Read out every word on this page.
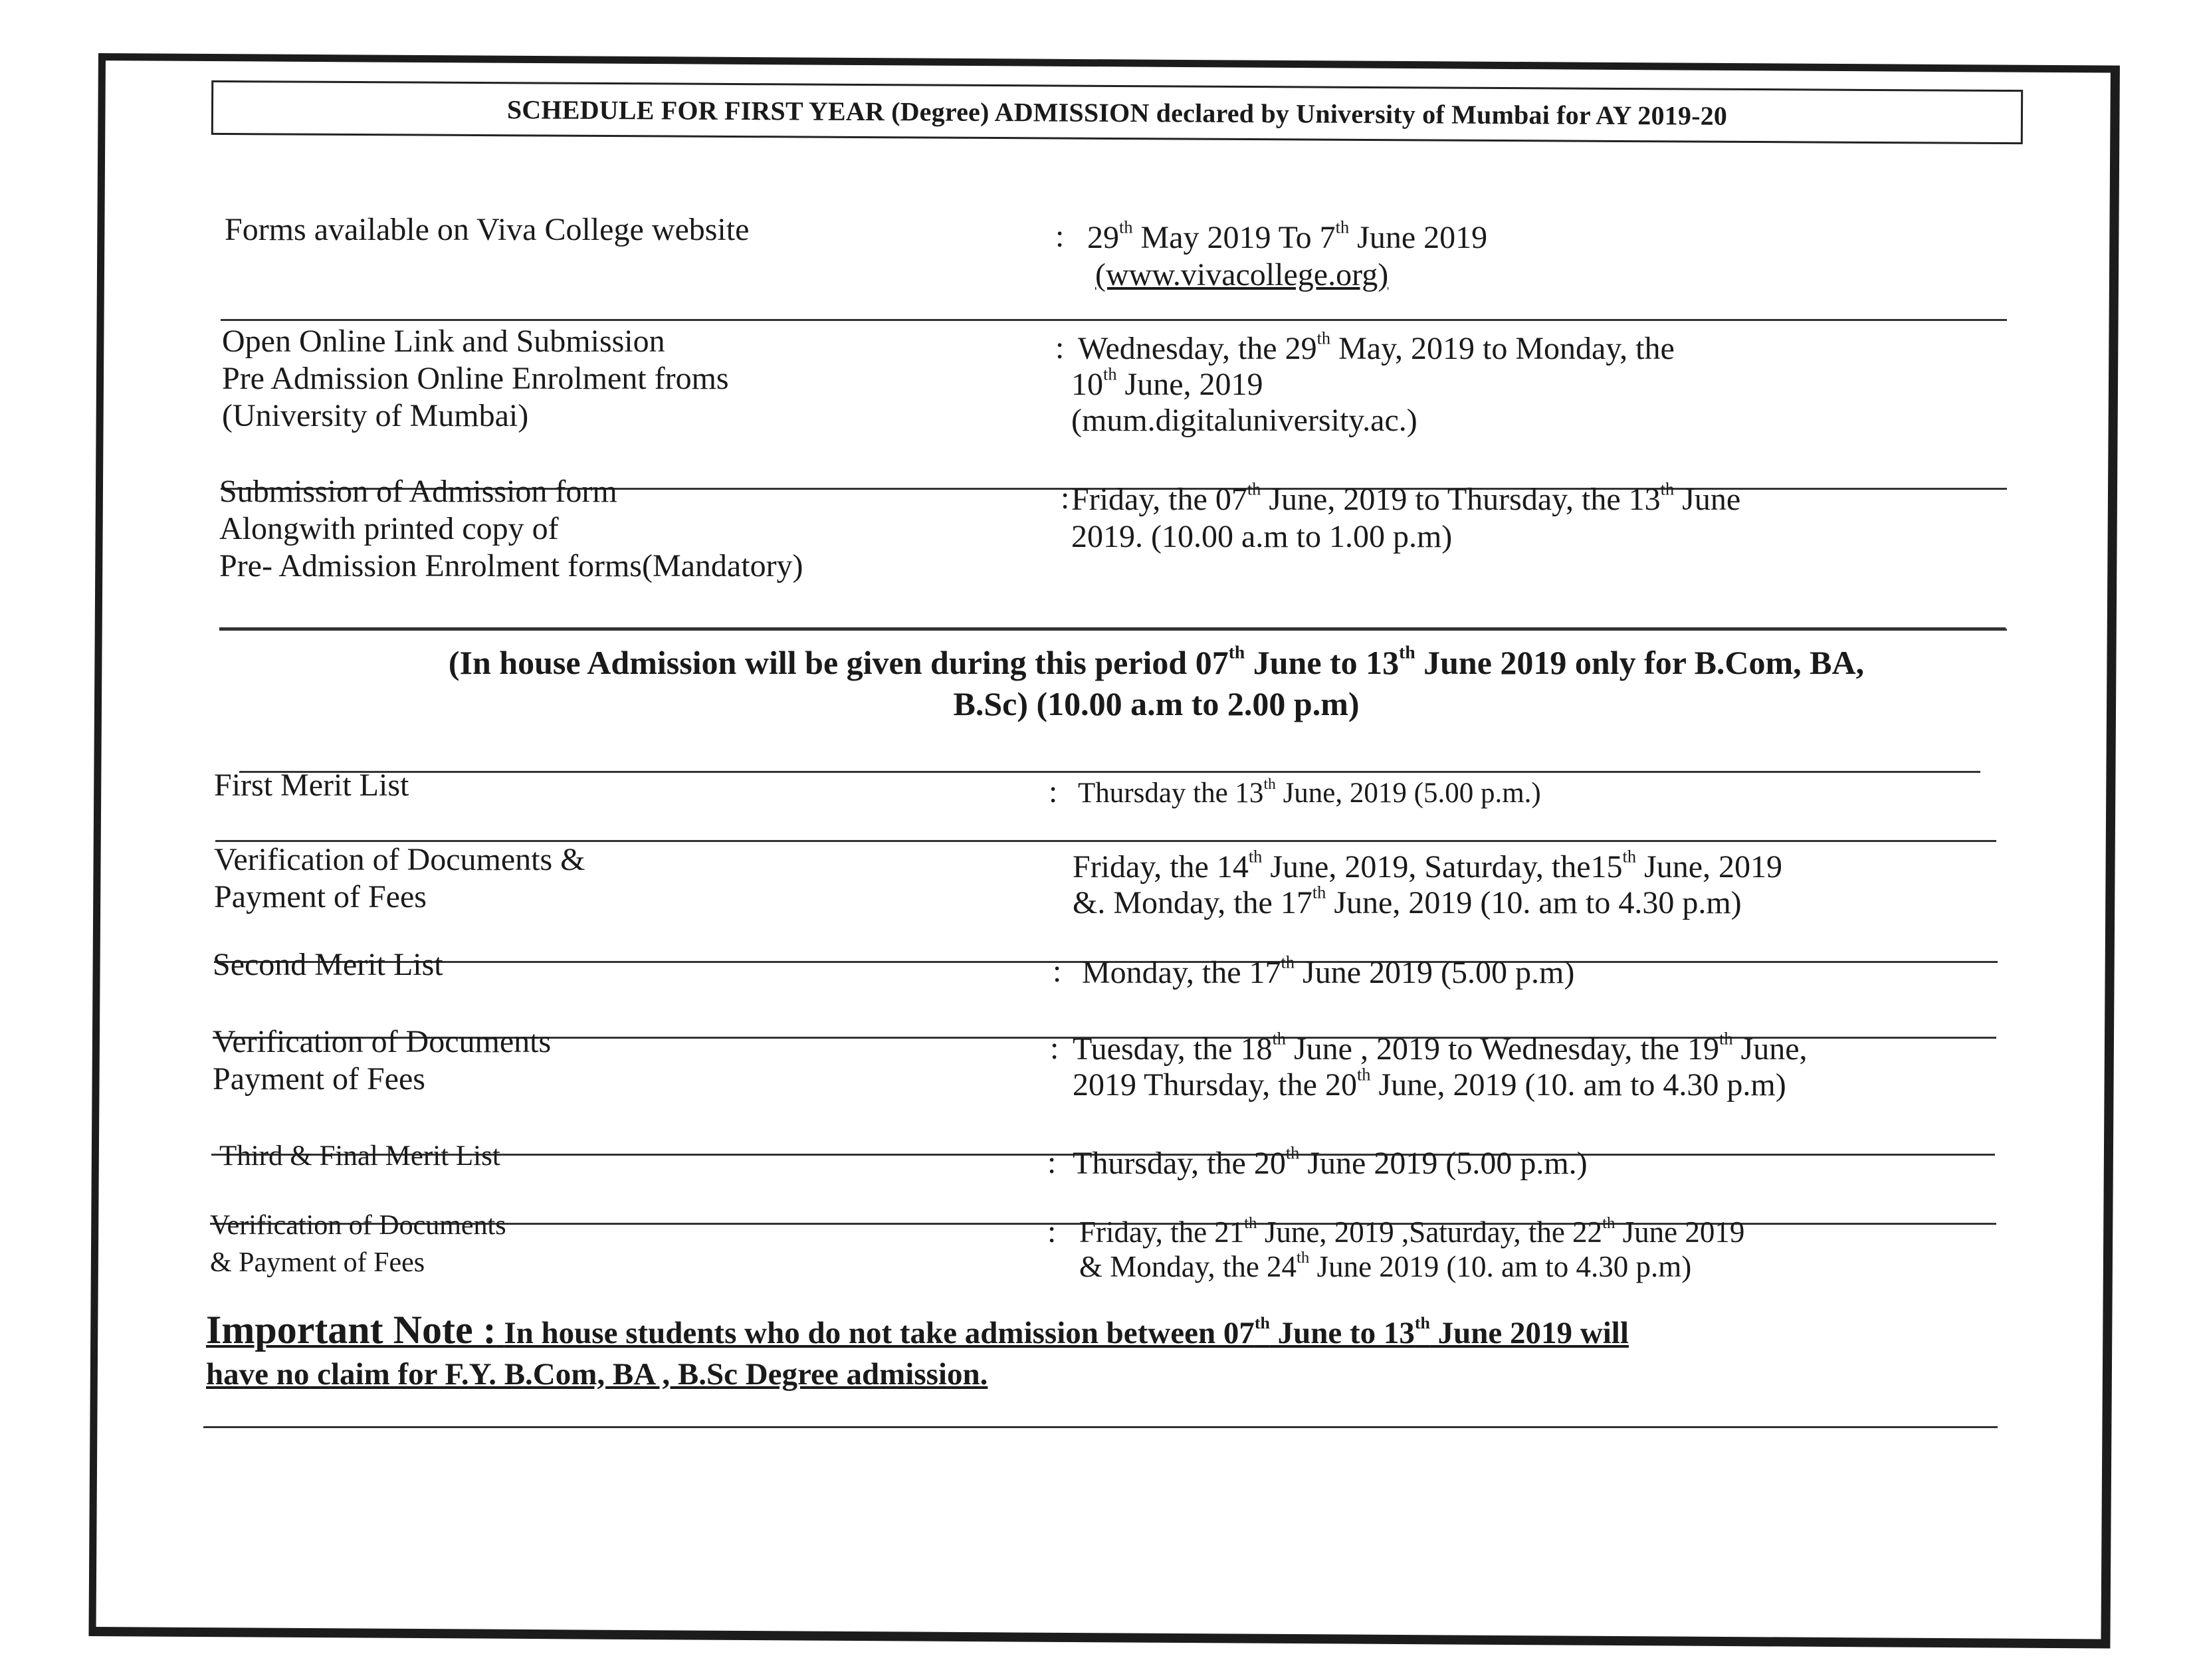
SCHEDULE FOR FIRST YEAR (Degree) ADMISSION declared by University of Mumbai for AY 2019-20
Forms available on Viva College website	: 29th May 2019 To 7th June 2019
(www.vivacollege.org)
Open Online Link and Submission
Pre Admission Online Enrolment froms
(University of Mumbai)
: Wednesday, the 29th May, 2019 to Monday, the
10th June, 2019
(mum.digitaluniversity.ac.)
Submission of Admission form
Alongwith printed copy of
Pre- Admission Enrolment forms(Mandatory)
: Friday, the 07th June, 2019 to Thursday, the 13th June
2019. (10.00 a.m to 1.00 p.m)
First Merit List	: Thursday the 13th June, 2019 (5.00 p.m.)
Verification of Documents &
Payment of Fees
Friday, the 14th June, 2019, Saturday, the15th June, 2019
&. Monday, the 17th June, 2019 (10. am to 4.30 p.m)
Second Merit List	: Monday, the 17th June 2019 (5.00 p.m)
Verification of Documents
Payment of Fees
: Tuesday, the 18th June , 2019 to Wednesday, the 19th June,
2019 Thursday, the 20th June, 2019 (10. am to 4.30 p.m)
Third & Final Merit List	: Thursday, the 20th June 2019 (5.00 p.m.)
Verification of Documents
& Payment of Fees
: Friday, the 21th June, 2019 ,Saturday, the 22th June 2019
& Monday, the 24th June 2019 (10. am to 4.30 p.m)
(In house Admission will be given during this period 07th June to 13th June 2019 only for B.Com, BA,
B.Sc) (10.00 a.m to 2.00 p.m)
Important Note : In house students who do not take admission between 07th June to 13th June 2019 will
have no claim for F.Y. B.Com, BA , B.Sc Degree admission.
